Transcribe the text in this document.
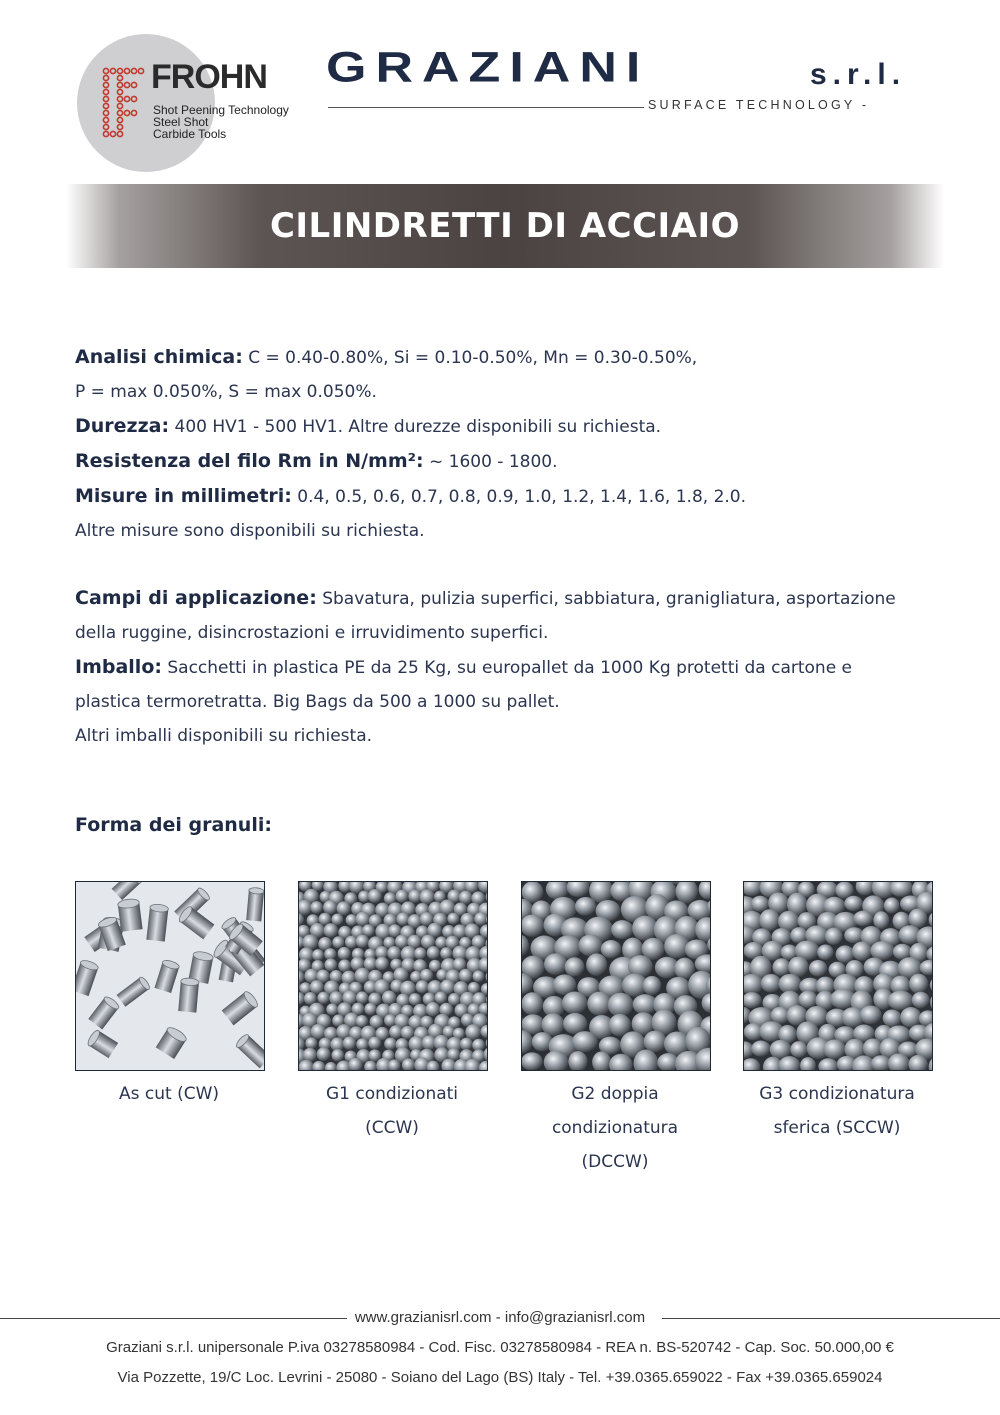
FROHN
Shot Peening Technology
Steel Shot
Carbide Tools
GRAZIANI	s.r.l.
SURFACE TECHNOLOGY -
CILINDRETTI DI ACCIAIO
Analisi chimica: C = 0.40-0.80%, Si = 0.10-0.50%, Mn = 0.30-0.50%,
P = max 0.050%, S = max 0.050%.
Durezza: 400 HV1 - 500 HV1. Altre durezze disponibili su richiesta.
Resistenza del filo Rm in N/mm²: ~ 1600 - 1800.
Misure in millimetri: 0.4, 0.5, 0.6, 0.7, 0.8, 0.9, 1.0, 1.2, 1.4, 1.6, 1.8, 2.0.
Altre misure sono disponibili su richiesta.
Campi di applicazione: Sbavatura, pulizia superfici, sabbiatura, granigliatura, asportazione
della ruggine, disincrostazioni e irruvidimento superfici.
Imballo: Sacchetti in plastica PE da 25 Kg, su europallet da 1000 Kg protetti da cartone e
plastica termoretratta. Big Bags da 500 a 1000 su pallet.
Altri imballi disponibili su richiesta.
Forma dei granuli:
As cut (CW)	G1 condizionati
(CCW)
G2 doppia
condizionatura
(DCCW)
G3 condizionatura
sferica (SCCW)
www.grazianisrl.com - info@grazianisrl.com
Graziani s.r.l. unipersonale P.iva 03278580984 - Cod. Fisc. 03278580984 - REA n. BS-520742 - Cap. Soc. 50.000,00 €
Via Pozzette, 19/C Loc. Levrini - 25080 - Soiano del Lago (BS) Italy - Tel. +39.0365.659022 - Fax +39.0365.659024
